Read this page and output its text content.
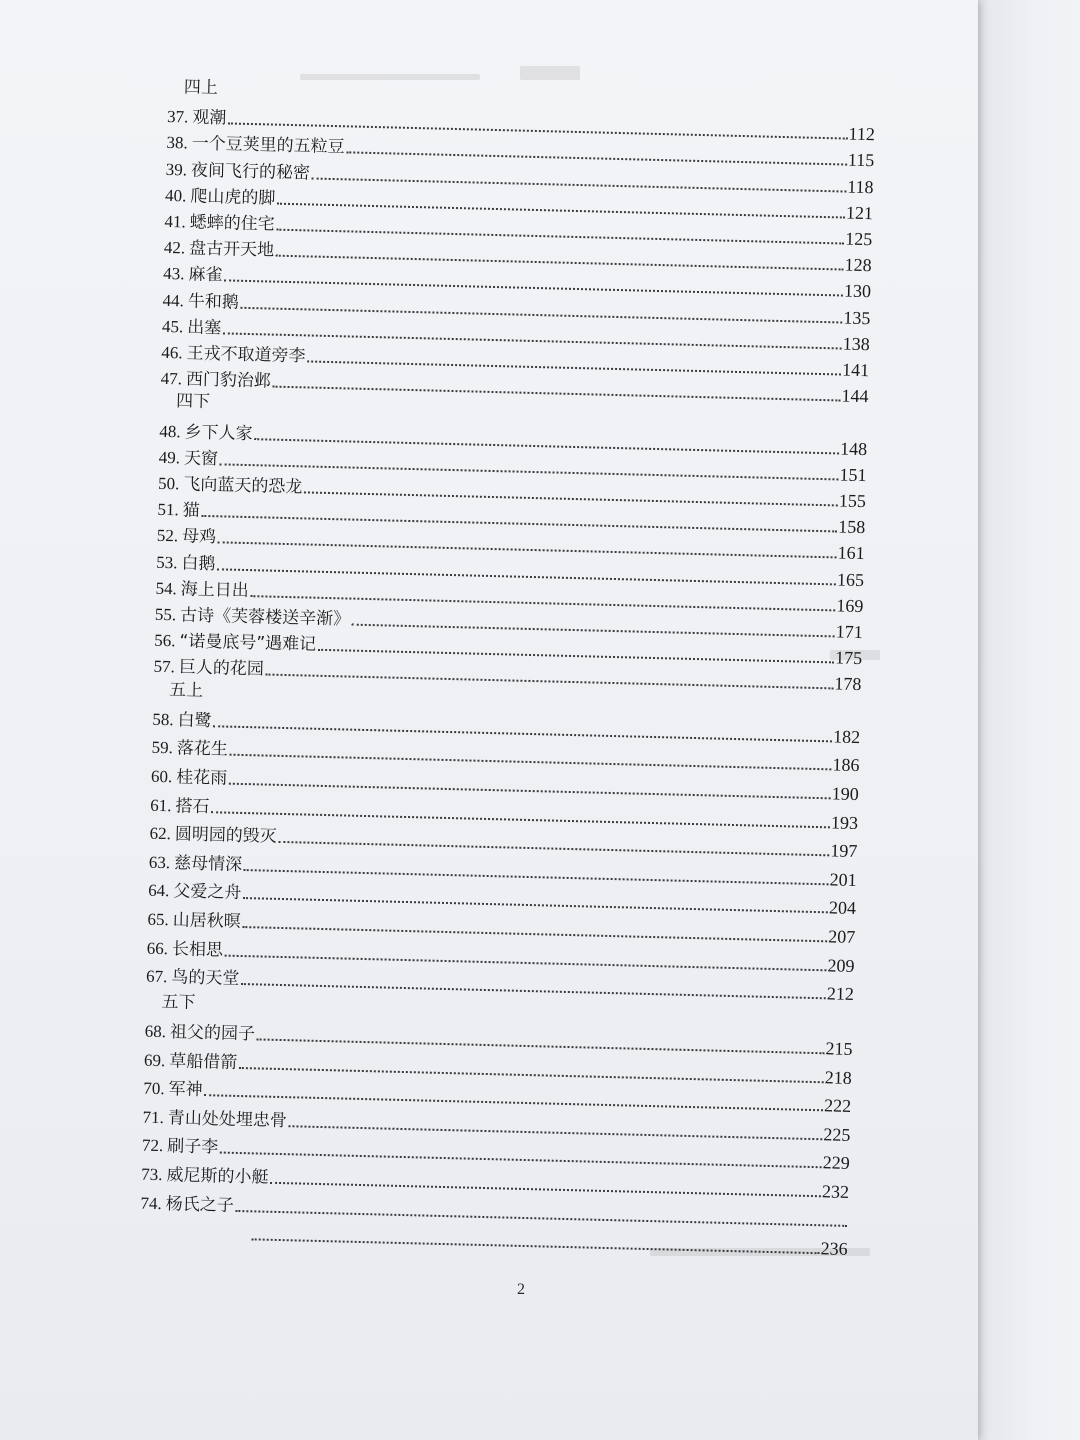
四上
37. 观潮
112
38. 一个豆荚里的五粒豆
115
39. 夜间飞行的秘密
118
40. 爬山虎的脚
121
41. 蟋蟀的住宅
125
42. 盘古开天地
128
43. 麻雀
130
44. 牛和鹅
135
45. 出塞
138
46. 王戎不取道旁李
141
47. 西门豹治邺
144
四下
48. 乡下人家
148
49. 天窗
151
50. 飞向蓝天的恐龙
155
51. 猫
158
52. 母鸡
161
53. 白鹅
165
54. 海上日出
169
55. 古诗《芙蓉楼送辛渐》
171
56. “诺曼底号”遇难记
175
57. 巨人的花园
178
五上
58. 白鹭
182
59. 落花生
186
60. 桂花雨
190
61. 搭石
193
62. 圆明园的毁灭
197
63. 慈母情深
201
64. 父爱之舟
204
65. 山居秋暝
207
66. 长相思
209
67. 鸟的天堂
212
五下
68. 祖父的园子
215
69. 草船借箭
218
70. 军神
222
71. 青山处处埋忠骨
225
72. 刷子李
229
73. 威尼斯的小艇
232
74. 杨氏之子
236
2
